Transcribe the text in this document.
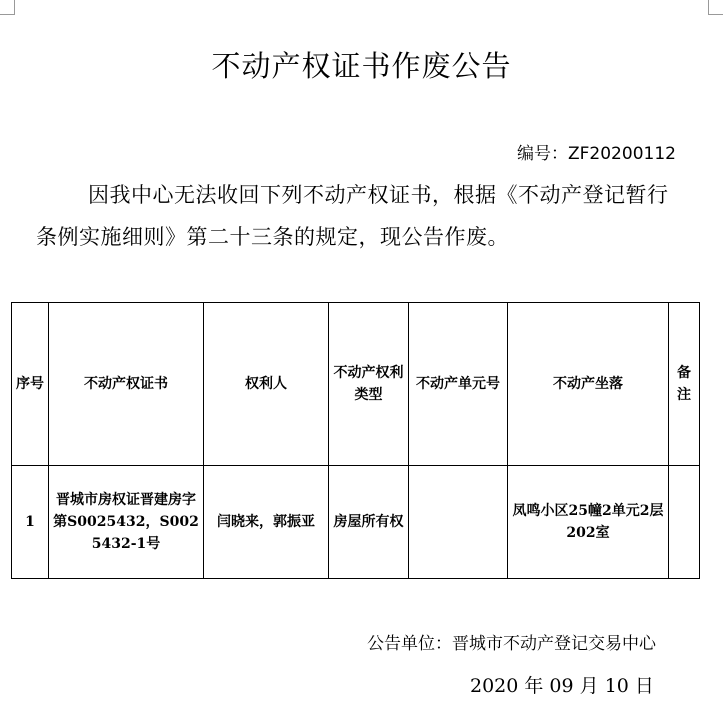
不动产权证书作废公告
编号：ZF20200112
因我中心无法收回下列不动产权证书，根据《不动产登记暂行条例实施细则》第二十三条的规定，现公告作废。
序号	不动产权证书	权利人	不动产权利类型	不动产单元号	不动产坐落	备注
1	晋城市房权证晋建房字第S0025432，S0025432-1号	闫晓来，郭振亚	房屋所有权		凤鸣小区25幢2单元2层202室	
公告单位：晋城市不动产登记交易中心
2020 年 09 月 10 日
